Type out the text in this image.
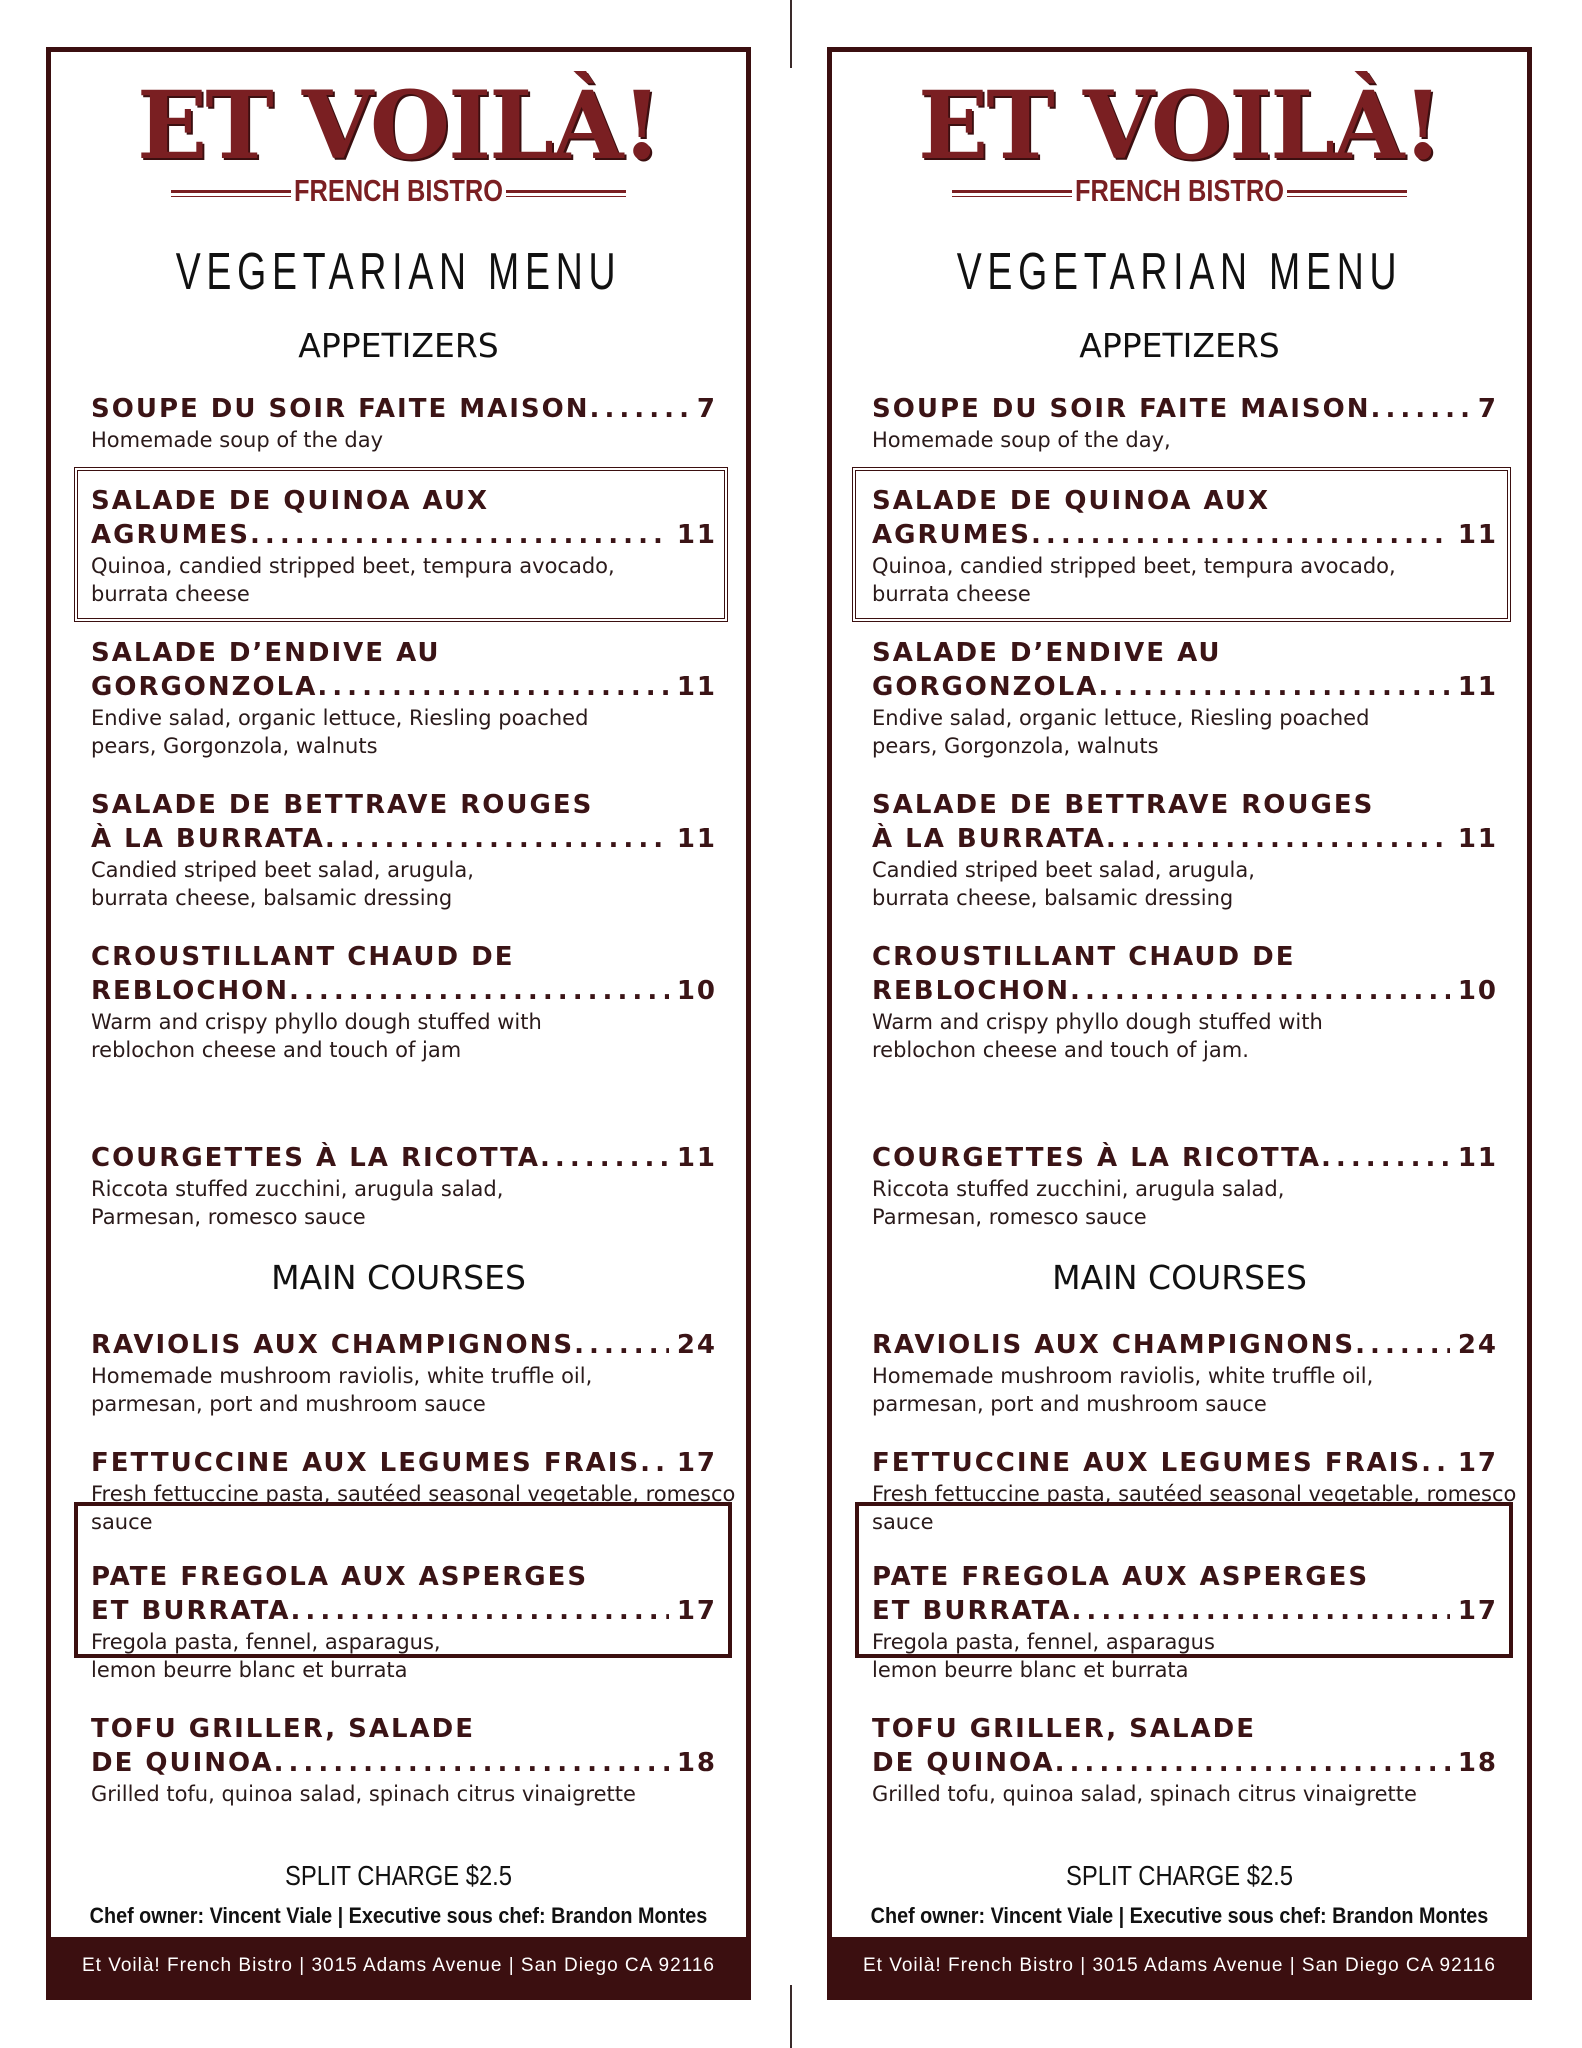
ET VOILÀ!
FRENCH BISTRO
VEGETARIAN MENU
APPETIZERS
SOUPE DU SOIR FAITE MAISON . . .	7
Homemade soup of the day
SALADE DE QUINOA AUX
AGRUMES . . .	11
Quinoa, candied stripped beet, tempura avocado,
burrata cheese
SALADE D’ENDIVE AU
GORGONZOLA . . .	11
Endive salad, organic lettuce, Riesling poached
pears, Gorgonzola, walnuts
SALADE DE BETTRAVE ROUGES
À LA BURRATA . . .	11
Candied striped beet salad, arugula,
burrata cheese, balsamic dressing
CROUSTILLANT CHAUD DE
REBLOCHON . . .	10
Warm and crispy phyllo dough stuffed with
reblochon cheese and touch of jam
COURGETTES À LA RICOTTA . . .	11
Riccota stuffed zucchini, arugula salad,
Parmesan, romesco sauce
MAIN COURSES
RAVIOLIS AUX CHAMPIGNONS . . .	24
Homemade mushroom raviolis, white truffle oil,
parmesan, port and mushroom sauce
FETTUCCINE AUX LEGUMES FRAIS . . .	17
Fresh fettuccine pasta, sautéed seasonal vegetable, romesco
sauce
PATE FREGOLA AUX ASPERGES
ET BURRATA . . .	17
Fregola pasta, fennel, asparagus,
lemon beurre blanc et burrata
TOFU GRILLER, SALADE
DE QUINOA . . .	18
Grilled tofu, quinoa salad, spinach citrus vinaigrette
SPLIT CHARGE $2.5
Chef owner: Vincent Viale | Executive sous chef: Brandon Montes
Et Voilà! French Bistro | 3015 Adams Avenue | San Diego CA 92116
ET VOILÀ!
FRENCH BISTRO
VEGETARIAN MENU
APPETIZERS
SOUPE DU SOIR FAITE MAISON . . .	7
Homemade soup of the day,
SALADE DE QUINOA AUX
AGRUMES . . .	11
Quinoa, candied stripped beet, tempura avocado,
burrata cheese
SALADE D’ENDIVE AU
GORGONZOLA . . .	11
Endive salad, organic lettuce, Riesling poached
pears, Gorgonzola, walnuts
SALADE DE BETTRAVE ROUGES
À LA BURRATA . . .	11
Candied striped beet salad, arugula,
burrata cheese, balsamic dressing
CROUSTILLANT CHAUD DE
REBLOCHON . . .	10
Warm and crispy phyllo dough stuffed with
reblochon cheese and touch of jam.
COURGETTES À LA RICOTTA . . .	11
Riccota stuffed zucchini, arugula salad,
Parmesan, romesco sauce
MAIN COURSES
RAVIOLIS AUX CHAMPIGNONS . . .	24
Homemade mushroom raviolis, white truffle oil,
parmesan, port and mushroom sauce
FETTUCCINE AUX LEGUMES FRAIS . . .	17
Fresh fettuccine pasta, sautéed seasonal vegetable, romesco
sauce
PATE FREGOLA AUX ASPERGES
ET BURRATA . . .	17
Fregola pasta, fennel, asparagus
lemon beurre blanc et burrata
TOFU GRILLER, SALADE
DE QUINOA . . .	18
Grilled tofu, quinoa salad, spinach citrus vinaigrette
SPLIT CHARGE $2.5
Chef owner: Vincent Viale | Executive sous chef: Brandon Montes
Et Voilà! French Bistro | 3015 Adams Avenue | San Diego CA 92116
